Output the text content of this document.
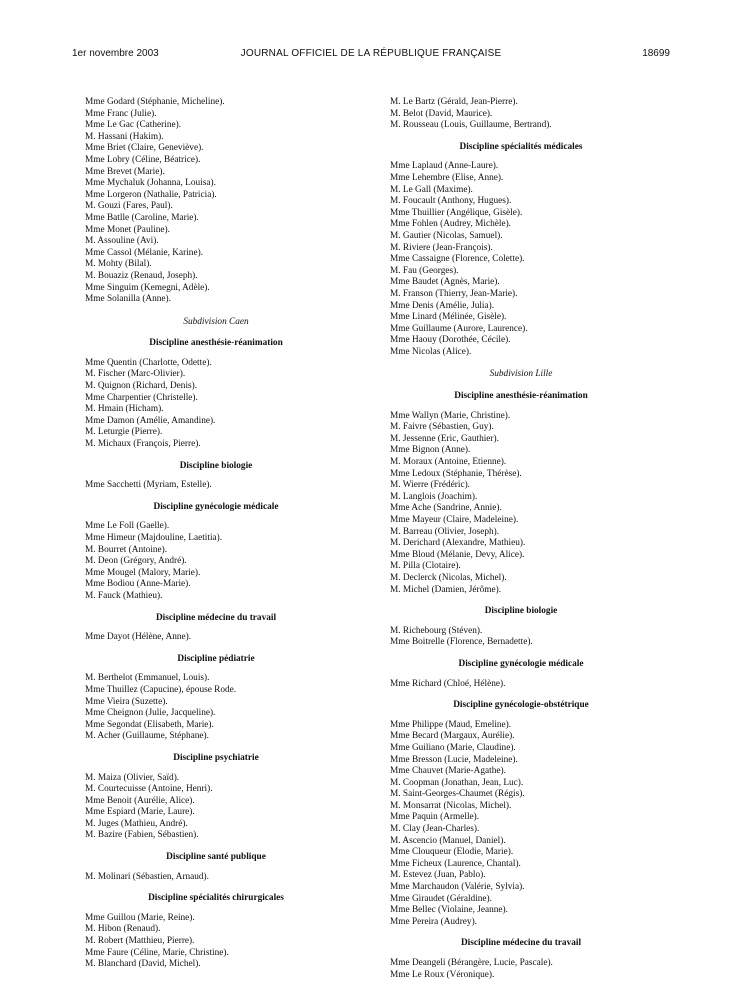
1er novembre 2003	JOURNAL OFFICIEL DE LA RÉPUBLIQUE FRANÇAISE	18699
Mme Godard (Stéphanie, Micheline).
Mme Franc (Julie).
Mme Le Gac (Catherine).
M. Hassani (Hakim).
Mme Briet (Claire, Geneviève).
Mme Lobry (Céline, Béatrice).
Mme Brevet (Marie).
Mme Mychaluk (Johanna, Louisa).
Mme Lorgeron (Nathalie, Patricia).
M. Gouzi (Fares, Paul).
Mme Batlle (Caroline, Marie).
Mme Monet (Pauline).
M. Assouline (Avi).
Mme Cassol (Mélanie, Karine).
M. Mohty (Bilal).
M. Bouaziz (Renaud, Joseph).
Mme Singuim (Kemegni, Adèle).
Mme Solanilla (Anne).
Subdivision Caen
Discipline anesthésie-réanimation
Mme Quentin (Charlotte, Odette).
M. Fischer (Marc-Olivier).
M. Quignon (Richard, Denis).
Mme Charpentier (Christelle).
M. Hmain (Hicham).
Mme Damon (Amélie, Amandine).
M. Leturgie (Pierre).
M. Michaux (François, Pierre).
Discipline biologie
Mme Sacchetti (Myriam, Estelle).
Discipline gynécologie médicale
Mme Le Foll (Gaelle).
Mme Himeur (Majdouline, Laetitia).
M. Bourret (Antoine).
M. Deon (Grégory, André).
Mme Mougel (Malory, Marie).
Mme Bodiou (Anne-Marie).
M. Fauck (Mathieu).
Discipline médecine du travail
Mme Dayot (Hélène, Anne).
Discipline pédiatrie
M. Berthelot (Emmanuel, Louis).
Mme Thuillez (Capucine), épouse Rode.
Mme Vieira (Suzette).
Mme Cheignon (Julie, Jacqueline).
Mme Segondat (Elisabeth, Marie).
M. Acher (Guillaume, Stéphane).
Discipline psychiatrie
M. Maiza (Olivier, Saïd).
M. Courtecuisse (Antoine, Henri).
Mme Benoit (Aurélie, Alice).
Mme Espiard (Marie, Laure).
M. Juges (Mathieu, André).
M. Bazire (Fabien, Sébastien).
Discipline santé publique
M. Molinari (Sébastien, Arnaud).
Discipline spécialités chirurgicales
Mme Guillou (Marie, Reine).
M. Hibon (Renaud).
M. Robert (Matthieu, Pierre).
Mme Faure (Céline, Marie, Christine).
M. Blanchard (David, Michel).
M. Le Bartz (Gérald, Jean-Pierre).
M. Belot (David, Maurice).
M. Rousseau (Louis, Guillaume, Bertrand).
Discipline spécialités médicales
Mme Laplaud (Anne-Laure).
Mme Lehembre (Elise, Anne).
M. Le Gall (Maxime).
M. Foucault (Anthony, Hugues).
Mme Thuillier (Angélique, Gisèle).
Mme Fohlen (Audrey, Michèle).
M. Gautier (Nicolas, Samuel).
M. Riviere (Jean-François).
Mme Cassaigne (Florence, Colette).
M. Fau (Georges).
Mme Baudet (Agnès, Marie).
M. Franson (Thierry, Jean-Marie).
Mme Denis (Amélie, Julia).
Mme Linard (Mélinée, Gisèle).
Mme Guillaume (Aurore, Laurence).
Mme Haouy (Dorothée, Cécile).
Mme Nicolas (Alice).
Subdivision Lille
Discipline anesthésie-réanimation
Mme Wallyn (Marie, Christine).
M. Faivre (Sébastien, Guy).
M. Jessenne (Eric, Gauthier).
Mme Bignon (Anne).
M. Moraux (Antoine, Etienne).
Mme Ledoux (Stéphanie, Thérèse).
M. Wierre (Frédéric).
M. Langlois (Joachim).
Mme Ache (Sandrine, Annie).
Mme Mayeur (Claire, Madeleine).
M. Barreau (Olivier, Joseph).
M. Derichard (Alexandre, Mathieu).
Mme Bloud (Mélanie, Devy, Alice).
M. Pilla (Clotaire).
M. Declerck (Nicolas, Michel).
M. Michel (Damien, Jérôme).
Discipline biologie
M. Richebourg (Stéven).
Mme Boitrelle (Florence, Bernadette).
Discipline gynécologie médicale
Mme Richard (Chloé, Hélène).
Discipline gynécologie-obstétrique
Mme Philippe (Maud, Emeline).
Mme Becard (Margaux, Aurélie).
Mme Guiliano (Marie, Claudine).
Mme Bresson (Lucie, Madeleine).
Mme Chauvet (Marie-Agathe).
M. Coopman (Jonathan, Jean, Luc).
M. Saint-Georges-Chaumet (Régis).
M. Monsarrat (Nicolas, Michel).
Mme Paquin (Armelle).
M. Clay (Jean-Charles).
M. Ascencio (Manuel, Daniel).
Mme Clouqueur (Elodie, Marie).
Mme Ficheux (Laurence, Chantal).
M. Estevez (Juan, Pablo).
Mme Marchaudon (Valérie, Sylvia).
Mme Giraudet (Géraldine).
Mme Bellec (Violaine, Jeanne).
Mme Pereira (Audrey).
Discipline médecine du travail
Mme Deangeli (Bérangère, Lucie, Pascale).
Mme Le Roux (Véronique).
